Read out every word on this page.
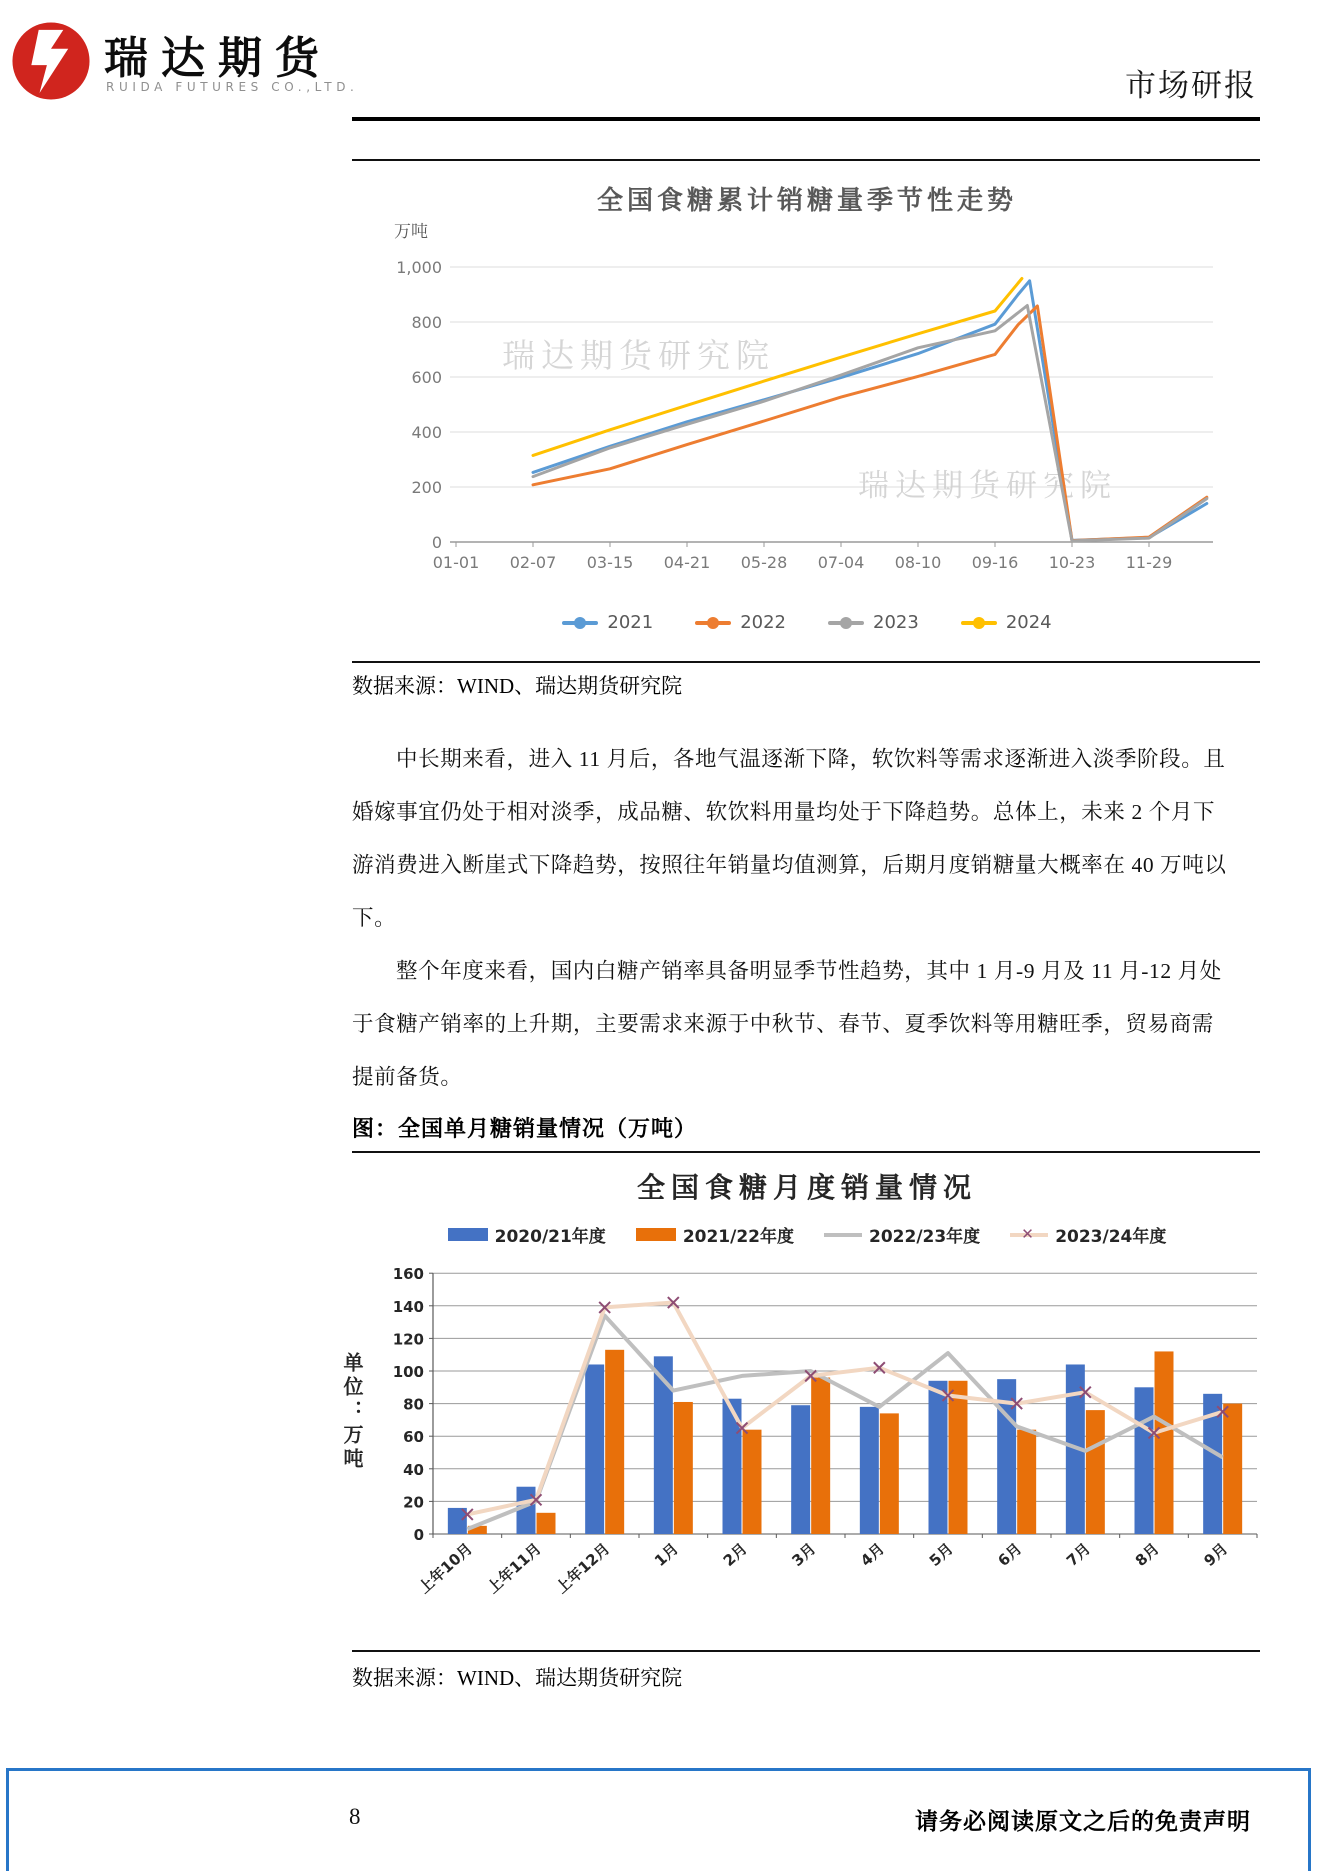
瑞达期货
RUIDA FUTURES CO.,LTD.	市场研报
全国食糖累计销糖量季节性走势
万吨
0
200
400
600
800
1,000
01-01 02-07 03-15 04-21 05-28 07-04 08-10 09-16 10-23 11-29
瑞达期货研究院
瑞达期货研究院
2021	2022	2023	2024
数据来源：WIND、瑞达期货研究院
中长期来看，进入 11 月后，各地气温逐渐下降，软饮料等需求逐渐进入淡季阶段。且
婚嫁事宜仍处于相对淡季，成品糖、软饮料用量均处于下降趋势。总体上，未来 2 个月下
游消费进入断崖式下降趋势，按照往年销量均值测算，后期月度销糖量大概率在 40 万吨以
下。
整个年度来看，国内白糖产销率具备明显季节性趋势，其中 1 月-9 月及 11 月-12 月处
于食糖产销率的上升期，主要需求来源于中秋节、春节、夏季饮料等用糖旺季，贸易商需
提前备货。
图：全国单月糖销量情况（万吨）
全国食糖月度销量情况
2020/21年度	2021/22年度	2022/23年度	✕ 2023/24年度
单位：万吨
0
20
40
60
80
100
120
140
160
上年10月 上年11月 上年12月	1月	2月	3月	4月	5月	6月	7月	8月	9月
数据来源：WIND、瑞达期货研究院
8	请务必阅读原文之后的免责声明
